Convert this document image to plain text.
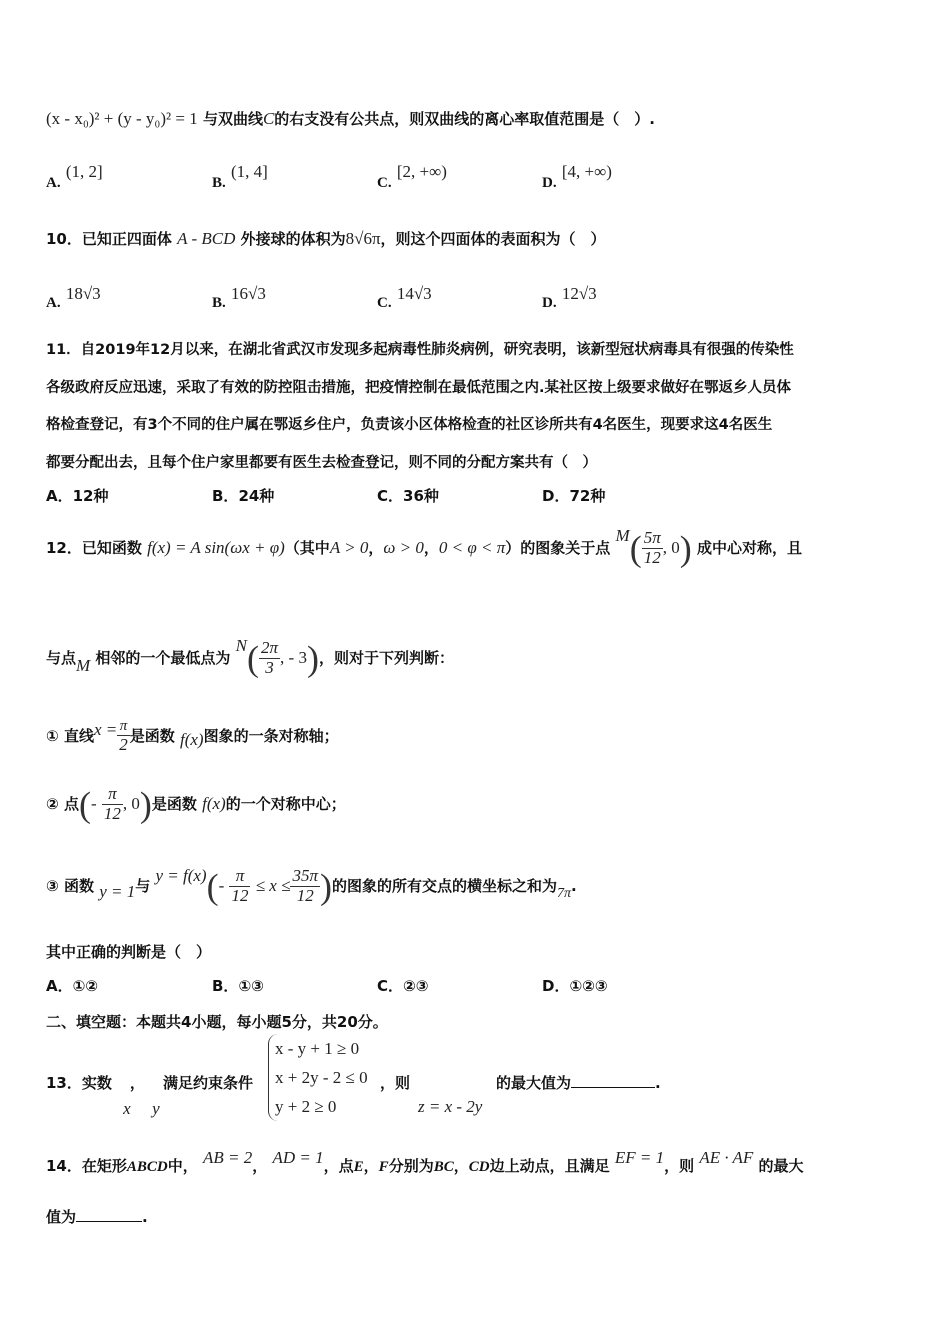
(x - x₀)² + (y - y₀)² = 1 与双曲线C的右支没有公共点，则双曲线的离心率取值范围是（　）.
A. (1, 2]
B. (1, 4]
C. [2, +∞)
D. [4, +∞)
10．已知正四面体 A - BCD 外接球的体积为8√6π，则这个四面体的表面积为（　）
A. 18√3	B. 16√3	C. 14√3	D. 12√3
11．自2019年12月以来，在湖北省武汉市发现多起病毒性肺炎病例，研究表明，该新型冠状病毒具有很强的传染性
各级政府反应迅速，采取了有效的防控阻击措施，把疫情控制在最低范围之内.某社区按上级要求做好在鄂返乡人员体
格检查登记，有3个不同的住户属在鄂返乡住户，负责该小区体格检查的社区诊所共有4名医生，现要求这4名医生
都要分配出去，且每个住户家里都要有医生去检查登记，则不同的分配方案共有（　）
A．12种	B．24种	C．36种	D．72种
12．已知函数 f(x) = A sin(ωx + φ)（其中A > 0，ω > 0，0 < φ < π）的图象关于点 $M( \frac{5\pi}{12}$ , 0) 成中心对称，且
与点M 相邻的一个最低点为 $N( \frac{2\pi}{3}$ , - 3)，则对于下列判断：
① 直线$x = \frac{\pi}{2}$ 是函数 f(x)图象的一条对称轴；
② 点(- $\frac{\pi}{12}$ , 0)是函数 f(x)的一个对称中心；
③ 函数 y = 1与 $y = f(x)(- \frac{\pi}{12} \le x \le \frac{35\pi}{12}$ )的图象的所有交点的横坐标之和为7π.
其中正确的判断是（　）
A．①②	B．①③	C．②③	D．①②③
二、填空题：本题共4小题，每小题5分，共20分。
13．实数 x ， y 满足约束条件
x - y + 1 ≥ 0
x + 2y - 2 ≤ 0
y + 2 ≥ 0
，则
z = x - 2y
的最大值为	.
14．在矩形ABCD中， AB = 2， AD = 1，点E，F分别为BC，CD边上动点，且满足 EF = 1，则 AE · AF 的最大
值为	.
